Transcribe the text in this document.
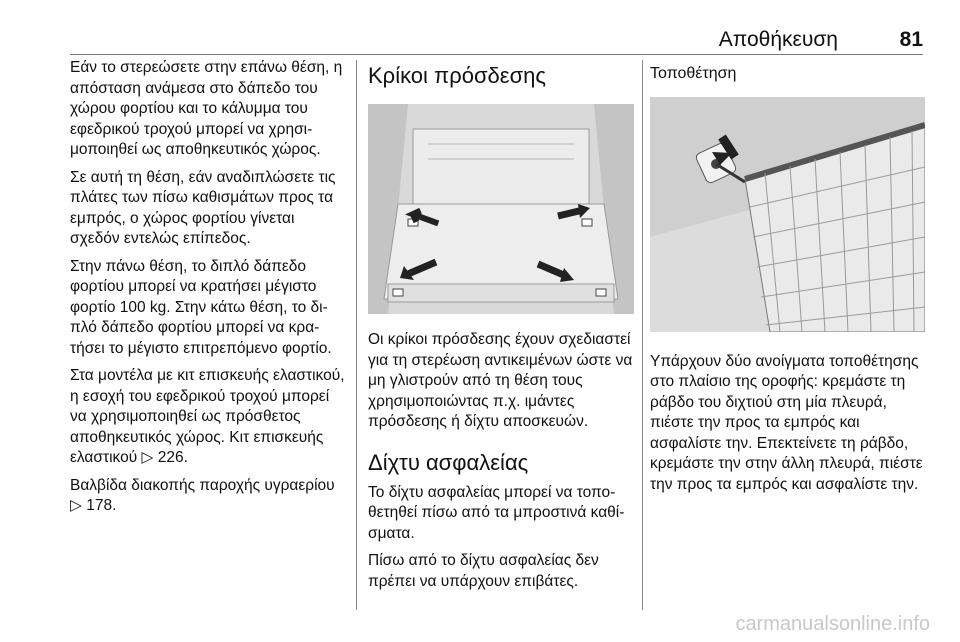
Αποθήκευση	81

Εάν το στερεώσετε στην επάνω θέση, η απόσταση ανάμεσα στο δάπεδο του χώρου φορτίου και το κάλυμμα του εφεδρικού τροχού μπορεί να χρησιμοποιηθεί ως αποθηκευτικός χώρος.

Σε αυτή τη θέση, εάν αναδιπλώσετε τις πλάτες των πίσω καθισμάτων προς τα εμπρός, ο χώρος φορτίου γίνεται σχεδόν εντελώς επίπεδος.

Στην πάνω θέση, το διπλό δάπεδο φορτίου μπορεί να κρατήσει μέγιστο φορτίο 100 kg. Στην κάτω θέση, το διπλό δάπεδο φορτίου μπορεί να κρατήσει το μέγιστο επιτρεπόμενο φορτίο.

Στα μοντέλα με κιτ επισκευής ελαστικού, η εσοχή του εφεδρικού τροχού μπορεί να χρησιμοποιηθεί ως πρόσθετος αποθηκευτικός χώρος. Κιτ επισκευής ελαστικού ▷ 226.

Βαλβίδα διακοπής παροχής υγραερίου ▷ 178.

Κρίκοι πρόσδεσης

Οι κρίκοι πρόσδεσης έχουν σχεδιαστεί για τη στερέωση αντικειμένων ώστε να μη γλιστρούν από τη θέση τους χρησιμοποιώντας π.χ. ιμάντες πρόσδεσης ή δίχτυ αποσκευών.

Δίχτυ ασφαλείας

Το δίχτυ ασφαλείας μπορεί να τοποθετηθεί πίσω από τα μπροστινά καθίσματα.

Πίσω από το δίχτυ ασφαλείας δεν πρέπει να υπάρχουν επιβάτες.

Τοποθέτηση

Υπάρχουν δύο ανοίγματα τοποθέτησης στο πλαίσιο της οροφής: κρεμάστε τη ράβδο του διχτιού στη μία πλευρά, πιέστε την προς τα εμπρός και ασφαλίστε την. Επεκτείνετε τη ράβδο, κρεμάστε την στην άλλη πλευρά, πιέστε την προς τα εμπρός και ασφαλίστε την.

carmanualsonline.info
